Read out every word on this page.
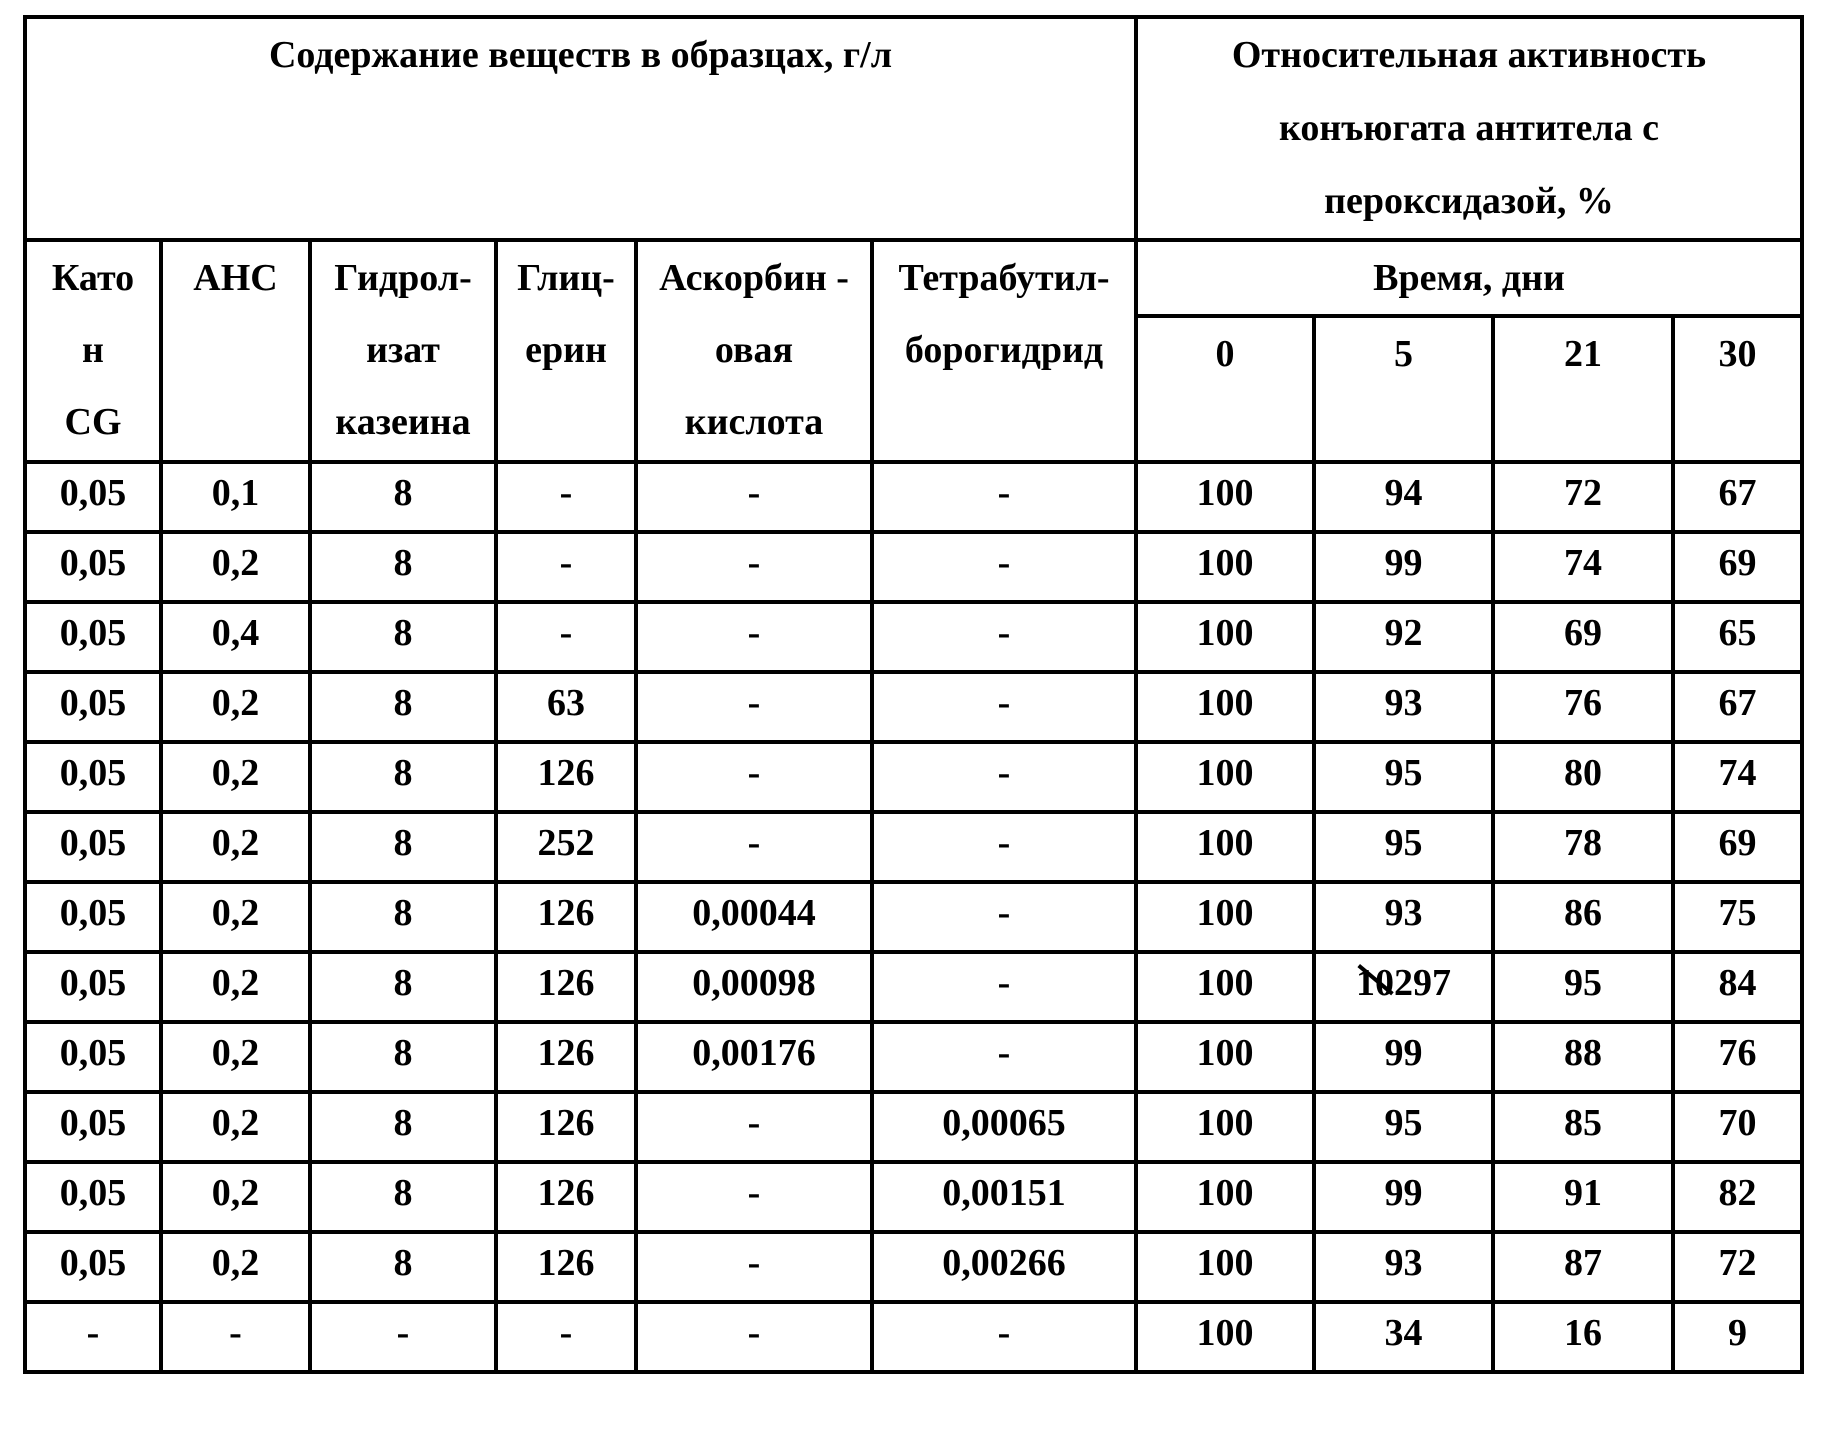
Содержание веществ в образцах, г/л	Относительная активность
конъюгата антитела с
пероксидазой, %

Като
н
CG

АНС	Гидрол-
изат
казеина

Глиц-
ерин

Аскорбин -
овая
кислота

Тетрабутил-
борогидрид
	Время, дни
0	5	21	30
0,05	0,1	8	-	-	-	100	94	72	67
0,05	0,2	8	-	-	-	100	99	74	69
0,05	0,4	8	-	-	-	100	92	69	65
0,05	0,2	8	63	-	-	100	93	76	67
0,05	0,2	8	126	-	-	100	95	80	74
0,05	0,2	8	252	-	-	100	95	78	69
0,05	0,2	8	126	0,00044	-	100	93	86	75
0,05	0,2	8	126	0,00098	-	100	10297	95	84
0,05	0,2	8	126	0,00176	-	100	99	88	76
0,05	0,2	8	126	-	0,00065	100	95	85	70
0,05	0,2	8	126	-	0,00151	100	99	91	82
0,05	0,2	8	126	-	0,00266	100	93	87	72
-	-	-	-	-	-	100	34	16	9
